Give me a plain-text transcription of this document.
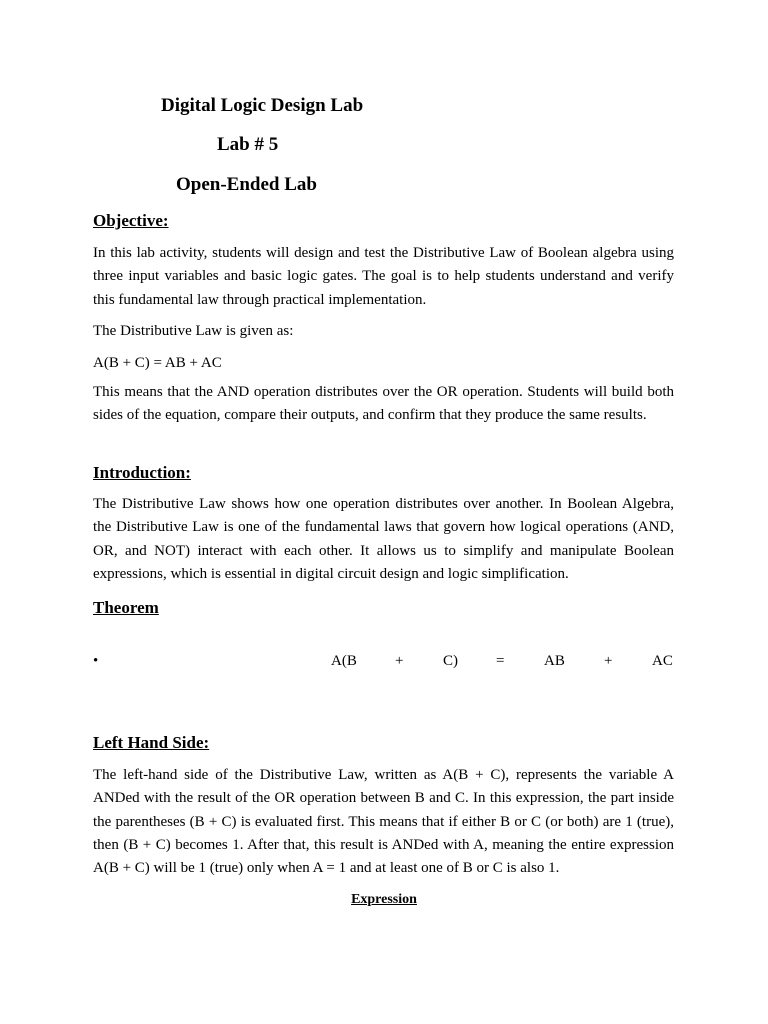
Digital Logic Design Lab
Lab # 5
Open-Ended Lab
Objective:
In this lab activity, students will design and test the Distributive Law of Boolean algebra using three input variables and basic logic gates. The goal is to help students understand and verify this fundamental law through practical implementation.
The Distributive Law is given as:
A(B + C) = AB + AC
This means that the AND operation distributes over the OR operation. Students will build both sides of the equation, compare their outputs, and confirm that they produce the same results.
Introduction:
The Distributive Law shows how one operation distributes over another. In Boolean Algebra, the Distributive Law is one of the fundamental laws that govern how logical operations (AND, OR, and NOT) interact with each other. It allows us to simplify and manipulate Boolean expressions, which is essential in digital circuit design and logic simplification.
Theorem
•	A(B	+	C)	=	AB	+	AC
Left Hand Side:
The left-hand side of the Distributive Law, written as A(B + C), represents the variable A ANDed with the result of the OR operation between B and C. In this expression, the part inside the parentheses (B + C) is evaluated first. This means that if either B or C (or both) are 1 (true), then (B + C) becomes 1. After that, this result is ANDed with A, meaning the entire expression A(B + C) will be 1 (true) only when A = 1 and at least one of B or C is also 1.
Expression
